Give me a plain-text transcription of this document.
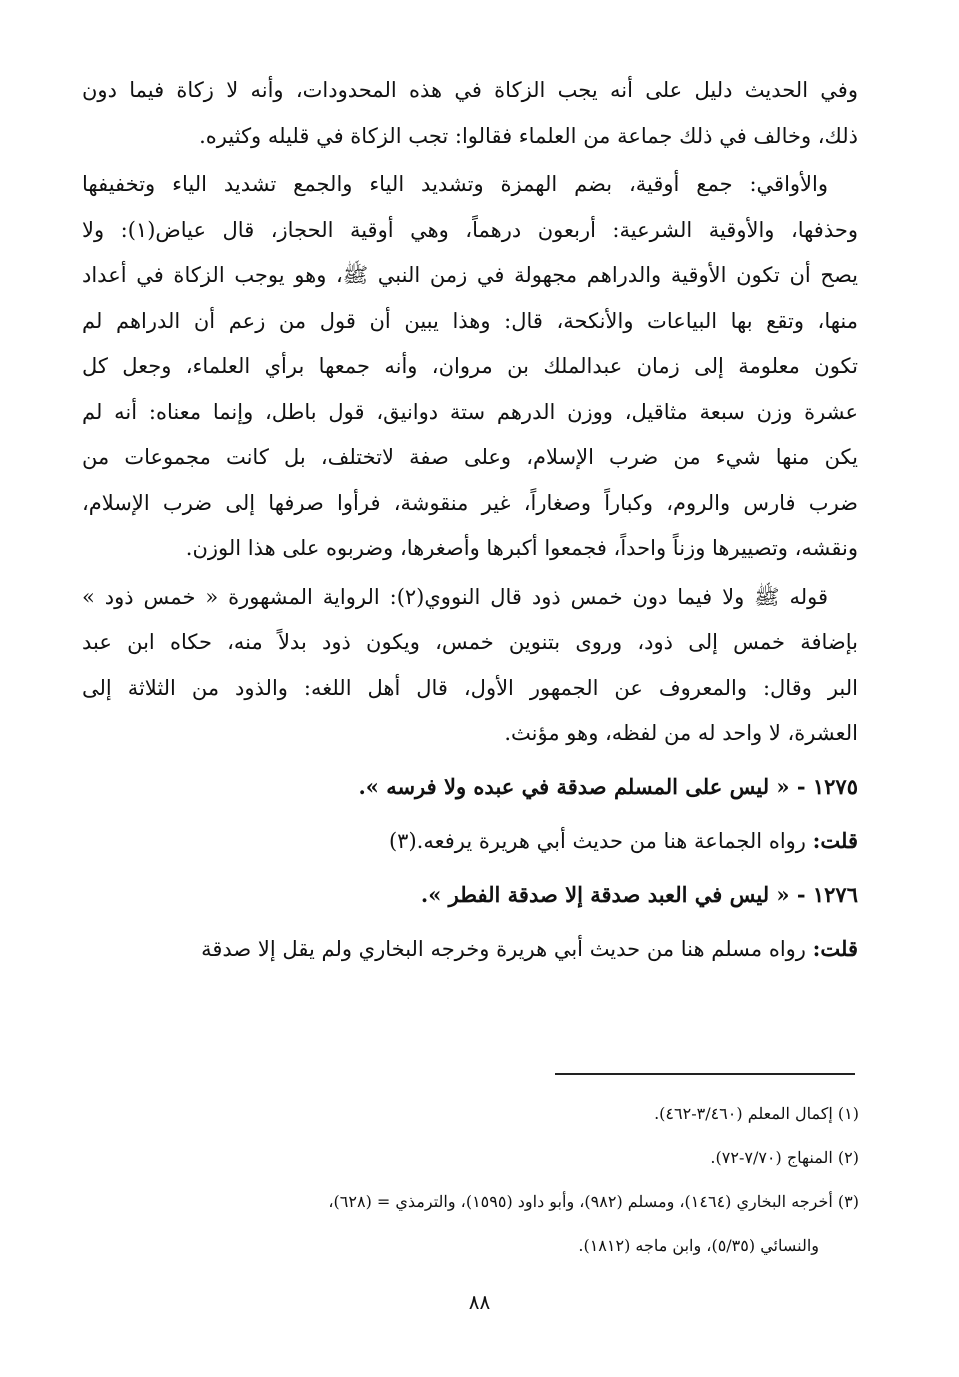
وفي الحديث دليل على أنه يجب الزكاة في هذه المحدودات، وأنه لا زكاة فيما دون
ذلك، وخالف في ذلك جماعة من العلماء فقالوا: تجب الزكاة في قليله وكثيره.
والأواقي: جمع أوقية، بضم الهمزة وتشديد الياء والجمع تشديد الياء وتخفيفها
وحذفها، والأوقية الشرعية: أربعون درهماً، وهي أوقية الحجاز، قال عياض(١): ولا
يصح أن تكون الأوقية والدراهم مجهولة في زمن النبي ﷺ، وهو يوجب الزكاة في أعداد
منها، وتقع بها البياعات والأنكحة، قال: وهذا يبين أن قول من زعم أن الدراهم لم
تكون معلومة إلى زمان عبدالملك بن مروان، وأنه جمعها برأي العلماء، وجعل كل
عشرة وزن سبعة مثاقيل، ووزن الدرهم ستة دوانيق، قول باطل، وإنما معناه: أنه لم
يكن منها شيء من ضرب الإسلام، وعلى صفة لاتختلف، بل كانت مجموعات من
ضرب فارس والروم، وكباراً وصغاراً، غير منقوشة، فرأوا صرفها إلى ضرب الإسلام،
ونقشه، وتصييرها وزناً واحداً، فجمعوا أكبرها وأصغرها، وضربوه على هذا الوزن.
قوله ﷺ ولا فيما دون خمس ذود قال النووي(٢): الرواية المشهورة « خمس ذود »
بإضافة خمس إلى ذود، وروى بتنوين خمس، ويكون ذود بدلاً منه، حكاه ابن عبد
البر وقال: والمعروف عن الجمهور الأول، قال أهل اللغه: والذود من الثلاثة إلى
العشرة، لا واحد له من لفظه، وهو مؤنث.
١٢٧٥ - « ليس على المسلم صدقة في عبده ولا فرسه ».
قلت: رواه الجماعة هنا من حديث أبي هريرة يرفعه.(٣)
١٢٧٦ - « ليس في العبد صدقة إلا صدقة الفطر ».
قلت: رواه مسلم هنا من حديث أبي هريرة وخرجه البخاري ولم يقل إلا صدقة
(١) إكمال المعلم (٣/٤٦٠-٤٦٢).
(٢) المنهاج (٧/٧٠-٧٢).
(٣) أخرجه البخاري (١٤٦٤)، ومسلم (٩٨٢)، وأبو داود (١٥٩٥)، والترمذي = (٦٢٨)،
والنسائي (٥/٣٥)، وابن ماجه (١٨١٢).
٨٨
